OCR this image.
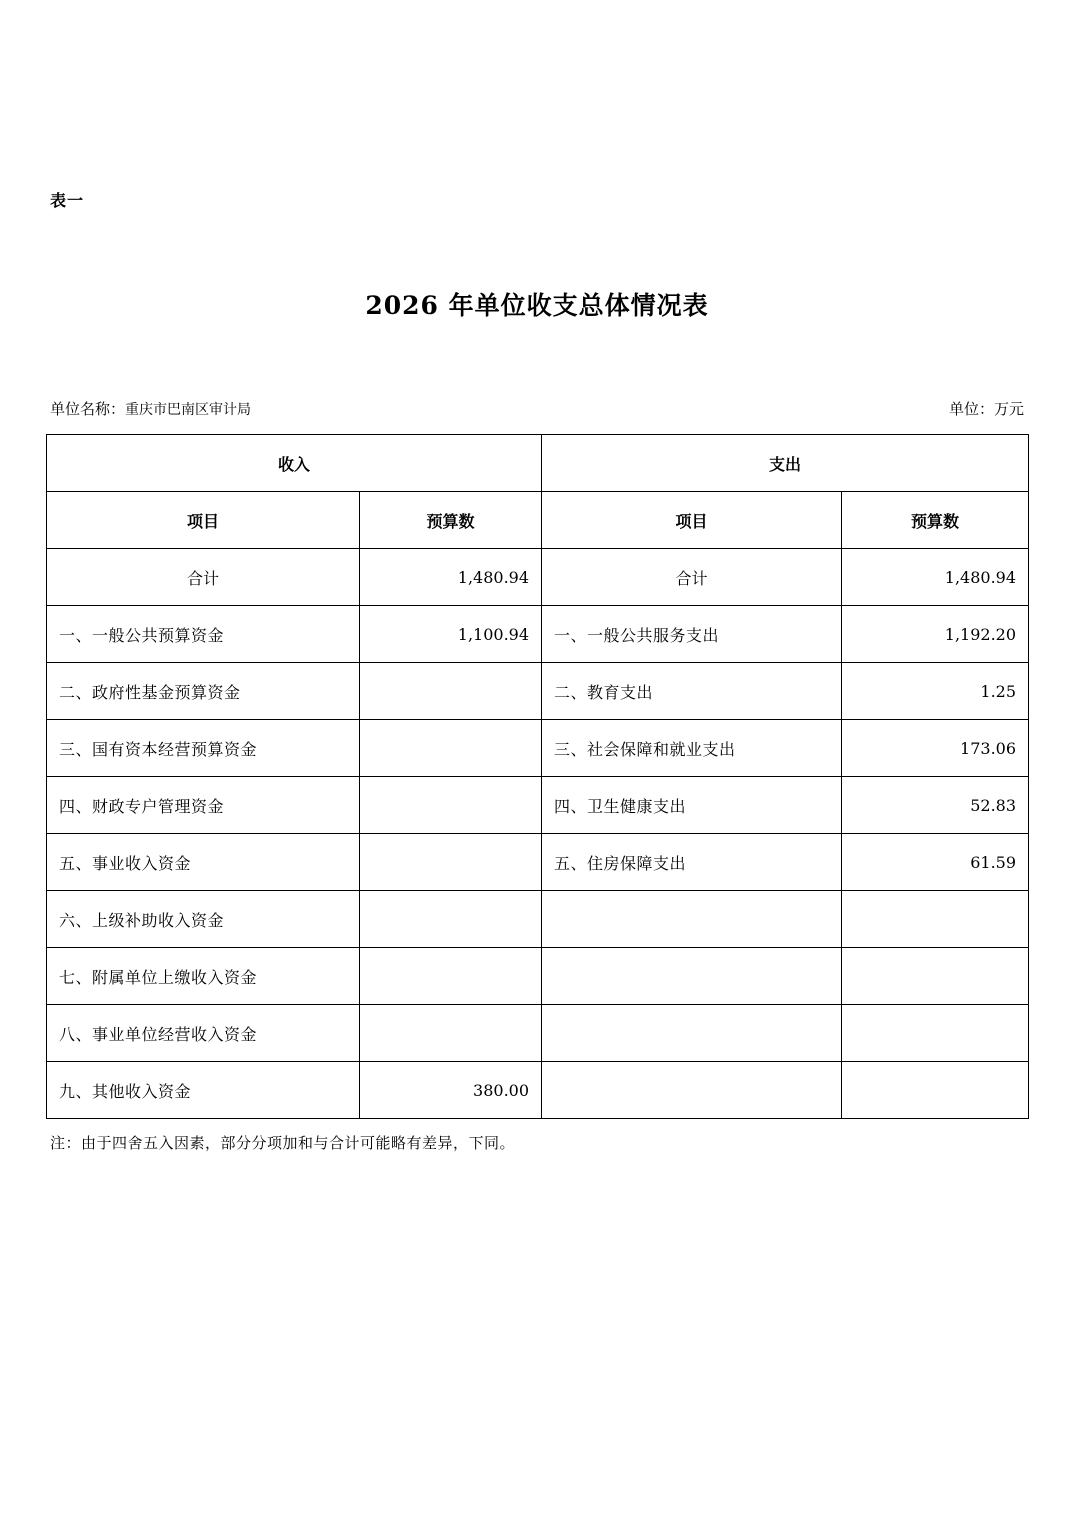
表一
2026 年单位收支总体情况表
单位名称：重庆市巴南区审计局	单位：万元
收入		支出	
项目	预算数	项目	预算数
合计	1,480.94	合计	1,480.94
一、一般公共预算资金	1,100.94	一、一般公共服务支出	1,192.20
二、政府性基金预算资金		二、教育支出	1.25
三、国有资本经营预算资金		三、社会保障和就业支出	173.06
四、财政专户管理资金		四、卫生健康支出	52.83
五、事业收入资金		五、住房保障支出	61.59
六、上级补助收入资金			
七、附属单位上缴收入资金			
八、事业单位经营收入资金			
九、其他收入资金	380.00		
注：由于四舍五入因素，部分分项加和与合计可能略有差异，下同。
